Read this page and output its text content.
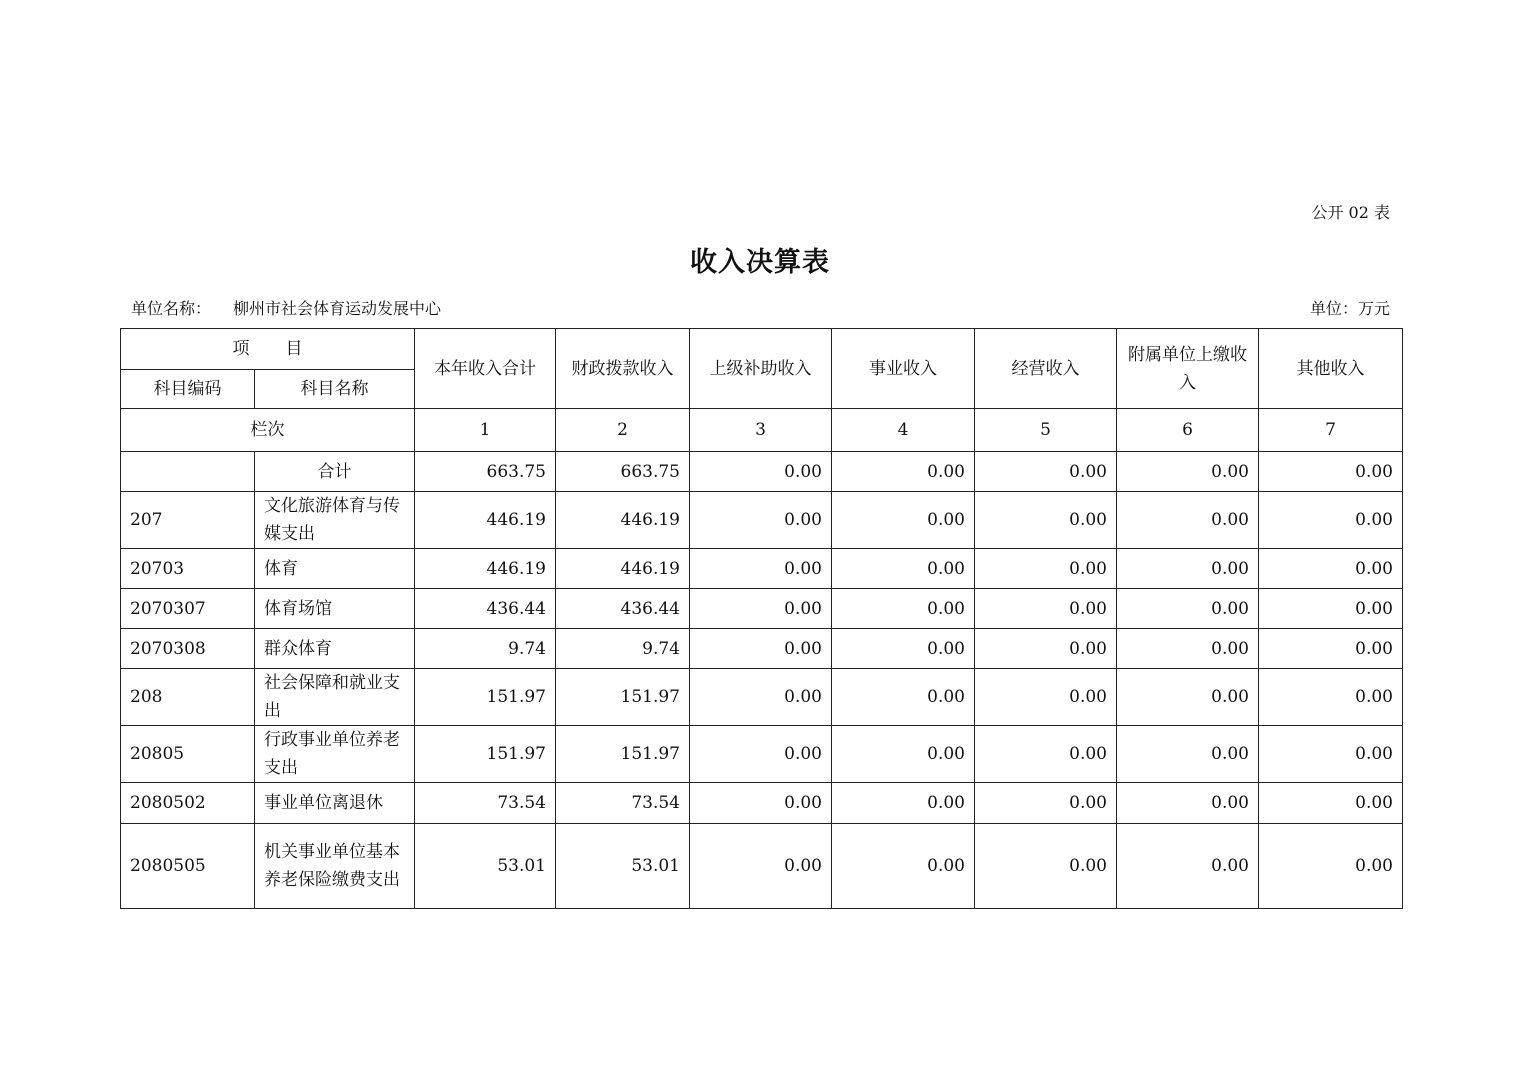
公开 02 表
收入决算表
单位名称： 柳州市社会体育运动发展中心	单位：万元
项 目		本年收入合计	财政拨款收入	上级补助收入	事业收入	经营收入	附属单位上缴收入	其他收入
科目编码	科目名称							
栏次		1	2	3	4	5	6	7
	合计	663.75	663.75	0.00	0.00	0.00	0.00	0.00
207	文化旅游体育与传媒支出	446.19	446.19	0.00	0.00	0.00	0.00	0.00
20703	体育	446.19	446.19	0.00	0.00	0.00	0.00	0.00
2070307	体育场馆	436.44	436.44	0.00	0.00	0.00	0.00	0.00
2070308	群众体育	9.74	9.74	0.00	0.00	0.00	0.00	0.00
208	社会保障和就业支出	151.97	151.97	0.00	0.00	0.00	0.00	0.00
20805	行政事业单位养老支出	151.97	151.97	0.00	0.00	0.00	0.00	0.00
2080502	事业单位离退休	73.54	73.54	0.00	0.00	0.00	0.00	0.00
2080505	机关事业单位基本养老保险缴费支出	53.01	53.01	0.00	0.00	0.00	0.00	0.00
